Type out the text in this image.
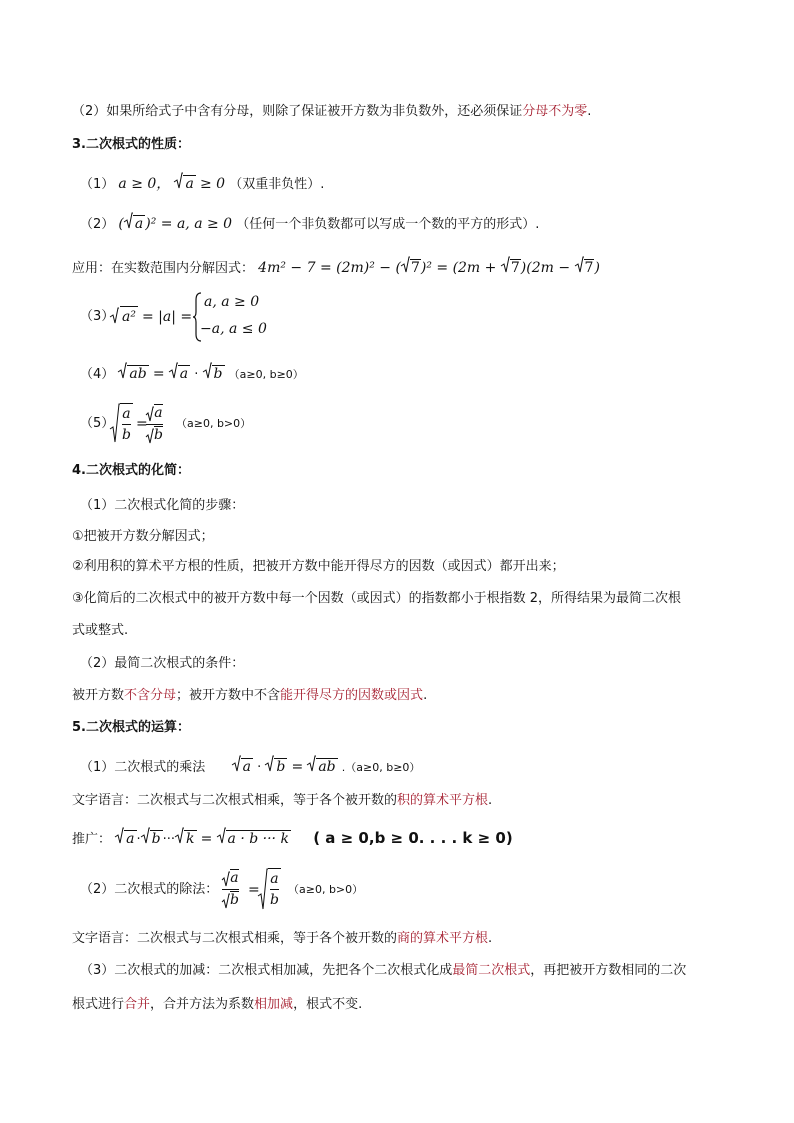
（2）如果所给式子中含有分母，则除了保证被开方数为非负数外，还必须保证分母不为零.
3.二次根式的性质：
（1） a ≥ 0， a ≥ 0 （双重非负性）.
（2） ( a )² = a, a ≥ 0 （任何一个非负数都可以写成一个数的平方的形式）.
应用：在实数范围内分解因式： 4m² − 7 = (2m)² − ( 7)² = (2m + 7)(2m − 7)
（3） a² = |a| =
a, a ≥ 0
−a, a ≤ 0
（4） ab = a · b （a≥0, b≥0）
（5）
a
b
=
a
b
（a≥0, b>0）
4.二次根式的化简：
（1）二次根式化简的步骤：
①把被开方数分解因式；
②利用积的算术平方根的性质，把被开方数中能开得尽方的因数（或因式）都开出来；
③化简后的二次根式中的被开方数中每一个因数（或因式）的指数都小于根指数 2，所得结果为最简二次根
式或整式.
（2）最简二次根式的条件：
被开方数不含分母；被开方数中不含能开得尽方的因数或因式.
5.二次根式的运算：
（1）二次根式的乘法	a · b = ab .（a≥0, b≥0）
文字语言：二次根式与二次根式相乘，等于各个被开数的积的算术平方根.
推广： a · b ··· k = a · b ··· k ( a ≥ 0,b ≥ 0. . . . k ≥ 0)
（2）二次根式的除法：
a
b
=
a
b
（a≥0, b>0）
文字语言：二次根式与二次根式相乘，等于各个被开数的商的算术平方根.
（3）二次根式的加减：二次根式相加减，先把各个二次根式化成最简二次根式，再把被开方数相同的二次
根式进行合并，合并方法为系数相加减，根式不变.
